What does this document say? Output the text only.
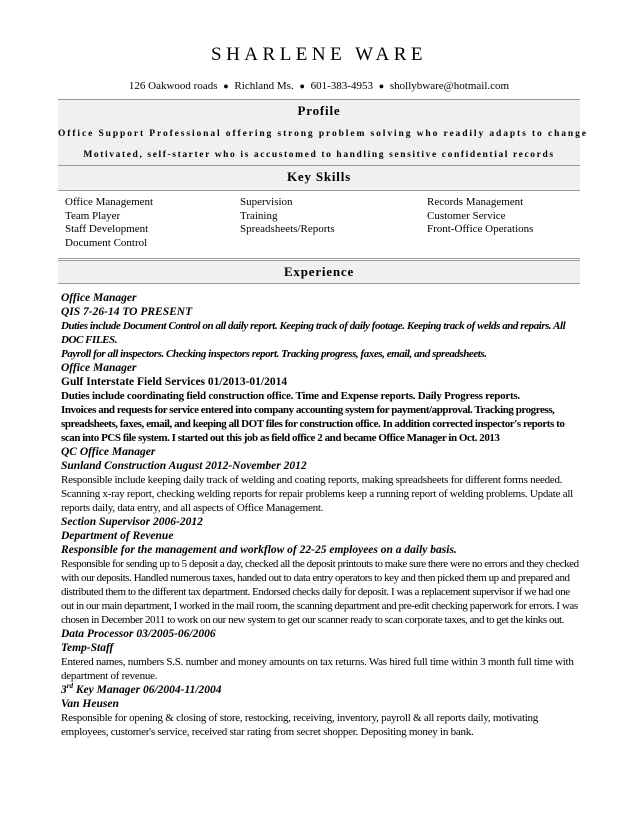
SHARLENE WARE
126 Oakwood roads ● Richland Ms. ● 601-383-4953 ● shollybware@hotmail.com
Profile
Office Support Professional offering strong problem solving who readily adapts to change
Motivated, self-starter who is accustomed to handling sensitive confidential records
Key Skills
Office Management
Team Player
Staff Development
Document Control
Supervision
Training
Spreadsheets/Reports
Records Management
Customer Service
Front-Office Operations
Experience

Office Manager

QIS 7-26-14 TO PRESENT

Duties include Document Control on all daily report. Keeping track of daily footage. Keeping track of welds and repairs. All DOC FILES.

Payroll for all inspectors. Checking inspectors report. Tracking progress, faxes, email, and spreadsheets.

Office Manager

Gulf Interstate Field Services 01/2013-01/2014

Duties include coordinating field construction office. Time and Expense reports. Daily Progress reports.

Invoices and requests for service entered into company accounting system for payment/approval. Tracking progress, spreadsheets, faxes, email, and keeping all DOT files for construction office. In addition corrected inspector's reports to scan into PCS file system. I started out this job as field office 2 and became Office Manager in Oct. 2013

QC Office Manager

Sunland Construction August 2012-November 2012

Responsible include keeping daily track of welding and coating reports, making spreadsheets for different forms needed. Scanning x-ray report, checking welding reports for repair problems keep a running report of welding problems. Update all reports daily, data entry, and all aspects of Office Management.

Section Supervisor 2006-2012

Department of Revenue

Responsible for the management and workflow of 22-25 employees on a daily basis.

Responsible for sending up to 5 deposit a day, checked all the deposit printouts to make sure there were no errors and they checked with our deposits. Handled numerous taxes, handed out to data entry operators to key and then picked them up and prepared and distributed them to the different tax department. Endorsed checks daily for deposit. I was a replacement supervisor if we had one out in our main department, I worked in the mail room, the scanning department and pre-edit checking paperwork for errors. I was chosen in December 2011 to work on our new system to get our scanner ready to scan corporate taxes, and to get the kinks out.

Data Processor 03/2005-06/2006

Temp-Staff

Entered names, numbers S.S. number and money amounts on tax returns. Was hired full time within 3 month full time with department of revenue.

3rd Key Manager 06/2004-11/2004

Van Heusen

Responsible for opening & closing of store, restocking, receiving, inventory, payroll & all reports daily, motivating employees, customer's service, received star rating from secret shopper. Depositing money in bank.
